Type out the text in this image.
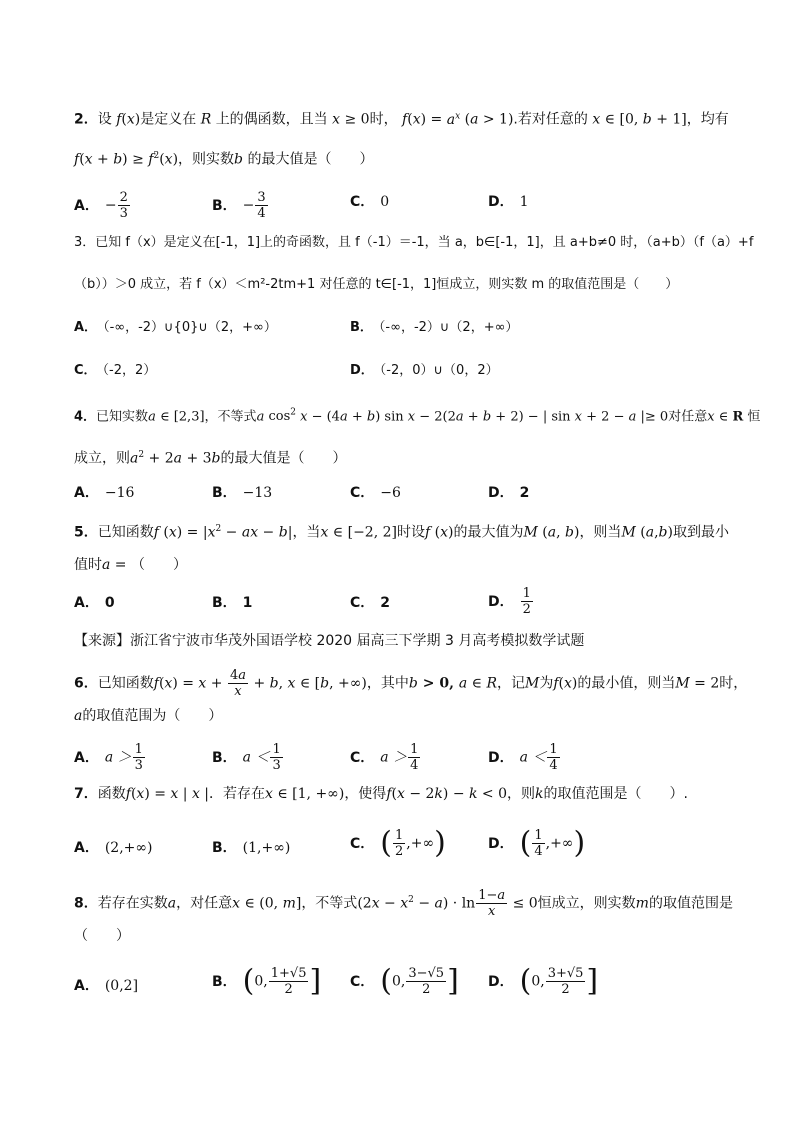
2．设 f(x)是定义在 R 上的偶函数，且当 x ≥ 0时， $f(x) = a^x$ (a > 1).若对任意的 x ∈ [0, b + 1]，均有
$f(x + b) \ge f^2(x)$，则实数b 的最大值是（　　）
A． − $\frac{2}{3}$	B． − $\frac{3}{4}$	C． 0	D． 1
3．已知 f（x）是定义在[-1，1]上的奇函数，且 f（-1）＝-1，当 a，b∈[-1，1]，且 a+b≠0 时，（a+b）（f（a）+f
（b））＞0 成立，若 f（x）＜m²-2tm+1 对任意的 t∈[-1，1]恒成立，则实数 m 的取值范围是（　　）
A． （-∞，-2）∪{0}∪（2，+∞）	B． （-∞，-2）∪（2，+∞）
C． （-2，2）	D． （-2，0）∪（0，2）
4．已知实数a ∈ [2,3]，不等式a $\cos^2 x - (4a + b)$ sin x − 2(2a + b + 2) − | sin x + 2 − a |≥ 0对任意x ∈ R 恒
成立，则$a^2 + 2a + 3b$的最大值是（　　）
A． −16	B． −13	C． −6	D． 2
5．已知函数f $(x) = |x^2$ − ax − b|，当x ∈ [−2, 2]时设f (x)的最大值为M (a, b)，则当M (a,b)取到最小
值时a = （　　）
A． 0	B． 1	C． 2	D． $\frac{1}{2}$
【来源】浙江省宁波市华茂外国语学校 2020 届高三下学期 3 月高考模拟数学试题
6．已知函数$f(x) = x + \frac{4a}{x} + b$, x ∈ [b, +∞)，其中b > 0, a ∈ R，记M为f(x)的最小值，则当M = 2时，
a的取值范围为（　　）
A． $a > \frac{1}{3}$	B． $a < \frac{1}{3}$	C． $a > \frac{1}{4}$	D． $a < \frac{1}{4}$
7．函数f(x) = x | x |．若存在x ∈ [1, +∞)，使得f(x − 2k) − k < 0，则k的取值范围是（　　）.
A． (2,+∞)	B． (1,+∞)	C． ( $\frac{1}{2}$ ,+∞)	D． ( $\frac{1}{4}$ ,+∞)
8．若存在实数a，对任意x ∈ (0, m]，不等式$(2x - x^2 - a) \cdot \ln \frac{1-a}{x} \le 0$恒成立，则实数m的取值范围是
（　　）
A． (0,2]	B． (0, $\frac{1+√5}{2}$ ] C． (0, $\frac{3-√5}{2}$ ] D． (0, $\frac{3+√5}{2}$ ]
